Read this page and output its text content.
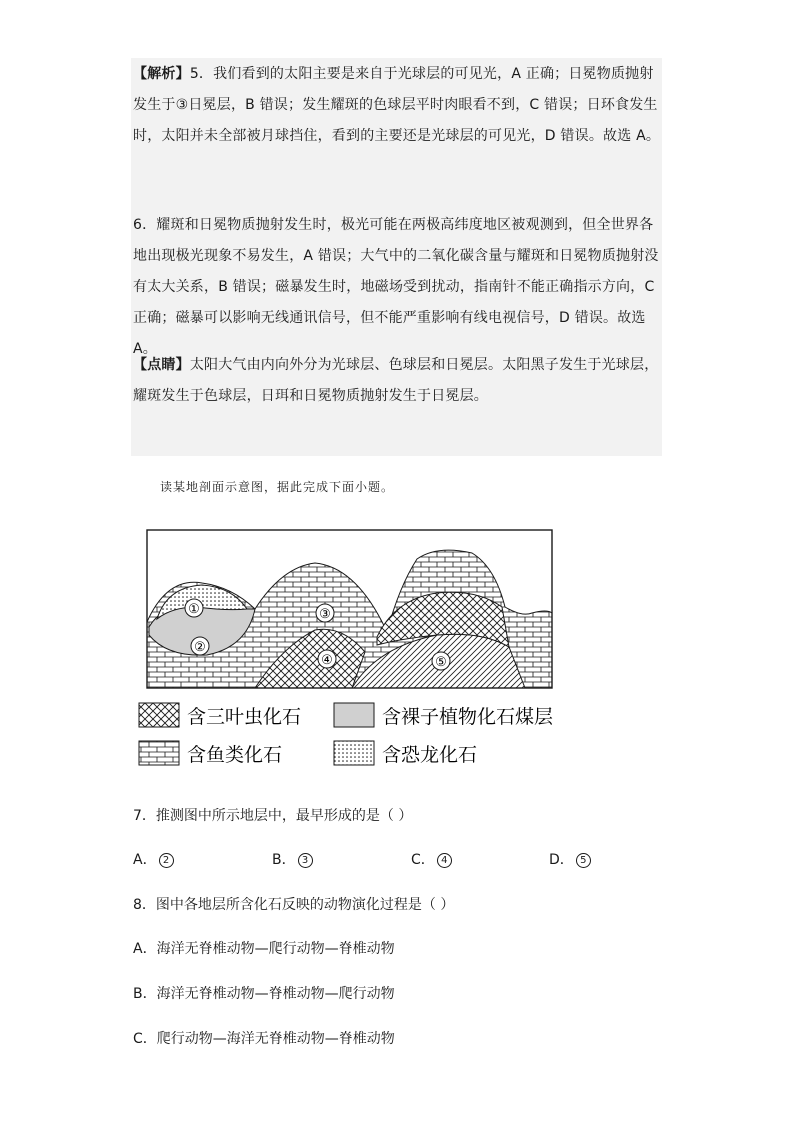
【解析】5．我们看到的太阳主要是来自于光球层的可见光，A 正确；日冕物质抛射发生于③日冕层，B 错误；发生耀斑的色球层平时肉眼看不到，C 错误；日环食发生时，太阳并未全部被月球挡住，看到的主要还是光球层的可见光，D 错误。故选 A。
6．耀斑和日冕物质抛射发生时，极光可能在两极高纬度地区被观测到，但全世界各地出现极光现象不易发生，A 错误；大气中的二氧化碳含量与耀斑和日冕物质抛射没有太大关系，B 错误；磁暴发生时，地磁场受到扰动，指南针不能正确指示方向，C 正确；磁暴可以影响无线通讯信号，但不能严重影响有线电视信号，D 错误。故选 A。
【点睛】太阳大气由内向外分为光球层、色球层和日冕层。太阳黑子发生于光球层，耀斑发生于色球层，日珥和日冕物质抛射发生于日冕层。
读某地剖面示意图，据此完成下面小题。
①
②
③
④	⑤
含三叶虫化石	含裸子植物化石煤层
含鱼类化石	含恐龙化石
7．推测图中所示地层中，最早形成的是（ ）
A． 2	B． 3	C． 4	D． 5
8．图中各地层所含化石反映的动物演化过程是（ ）
A．海洋无脊椎动物—爬行动物—脊椎动物
B．海洋无脊椎动物—脊椎动物—爬行动物
C．爬行动物—海洋无脊椎动物—脊椎动物
